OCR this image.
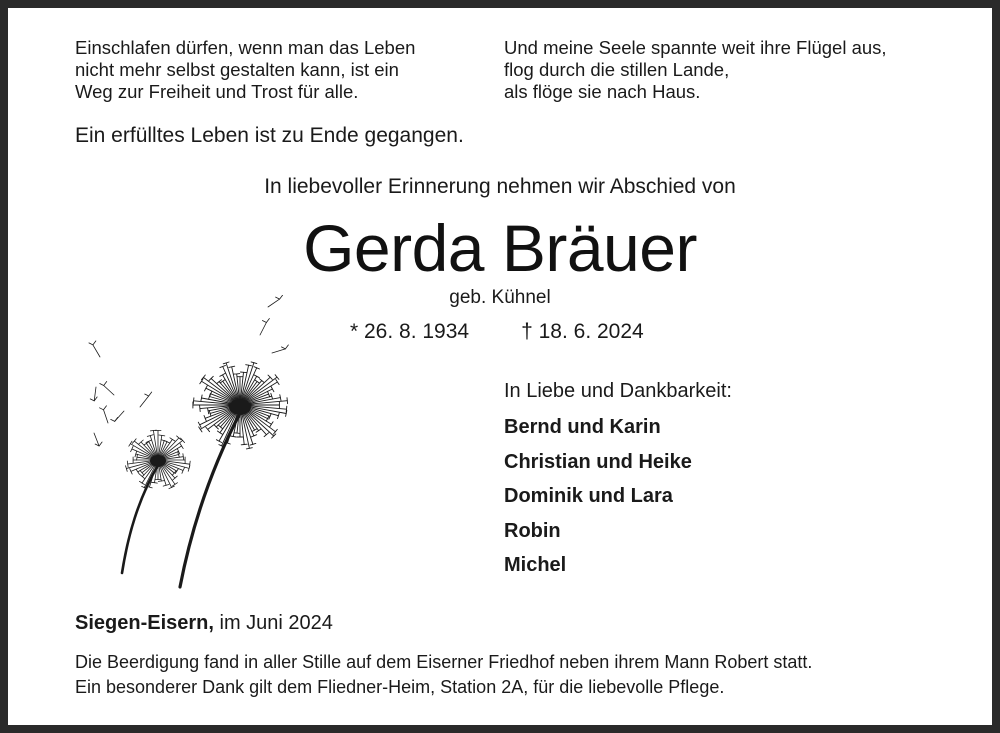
Einschlafen dürfen, wenn man das Leben
nicht mehr selbst gestalten kann, ist ein
Weg zur Freiheit und Trost für alle.
Und meine Seele spannte weit ihre Flügel aus,
flog durch die stillen Lande,
als flöge sie nach Haus.
Ein erfülltes Leben ist zu Ende gegangen.
In liebevoller Erinnerung nehmen wir Abschied von
Gerda Bräuer
geb. Kühnel
* 26. 8. 1934 † 18. 6. 2024
In Liebe und Dankbarkeit:
Bernd und Karin
Christian und Heike
Dominik und Lara
Robin
Michel
Siegen-Eisern, im Juni 2024
Die Beerdigung fand in aller Stille auf dem Eiserner Friedhof neben ihrem Mann Robert statt.
Ein besonderer Dank gilt dem Fliedner-Heim, Station 2A, für die liebevolle Pflege.
